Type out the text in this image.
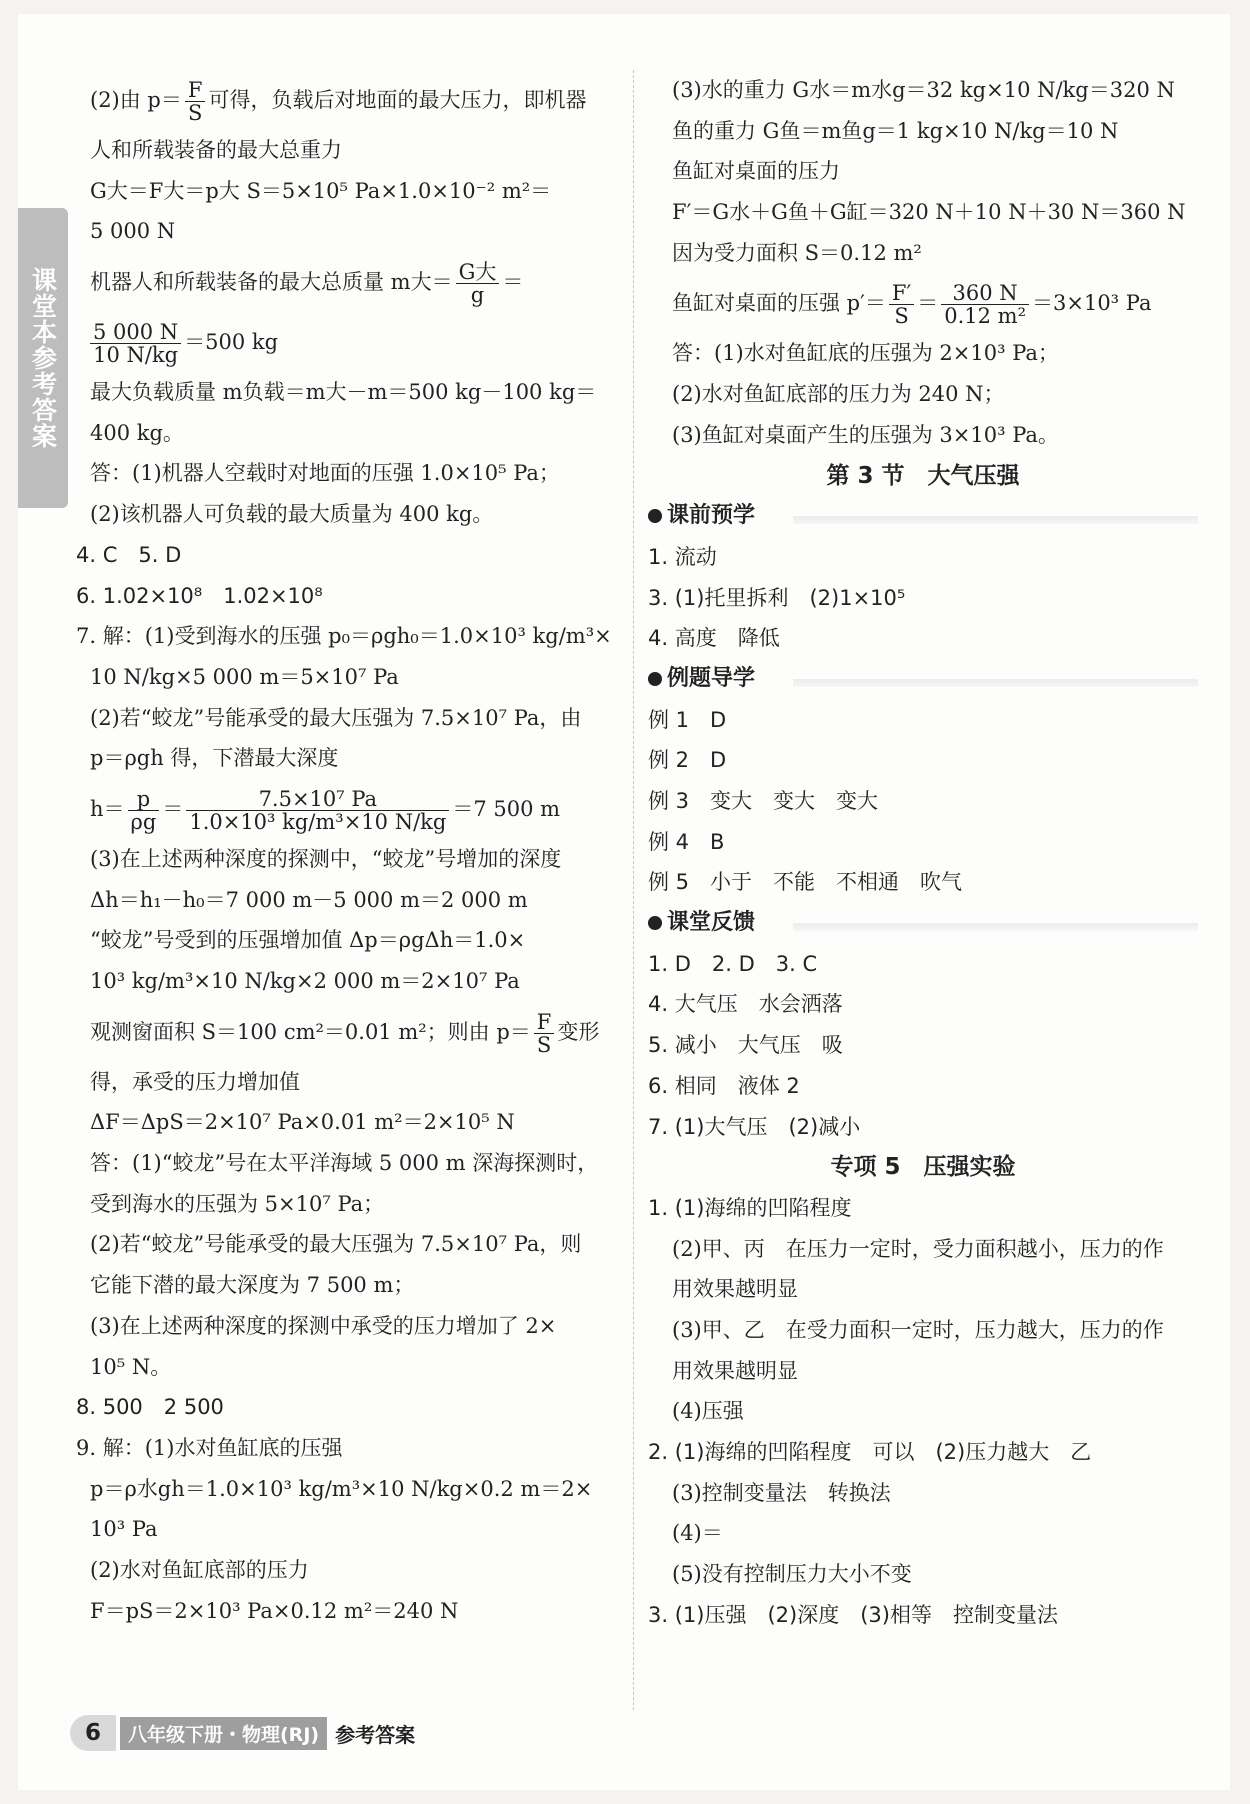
课堂本参考答案
(2)由 $p= \frac{F}{S}$ 可得，负载后对地面的最大压力，即机器
人和所载装备的最大总重力
G大＝F大＝p大 S＝5×10⁵ Pa×1.0×10⁻² m²＝
5 000 N
机器人和所载装备的最大总质量 m大＝ $\frac{\text{G大}}{g}$ ＝
$\frac{5 000 N}{10 N/kg} =500$ kg
最大负载质量 m负载＝m大－m＝500 kg－100 kg＝
400 kg。
答：(1)机器人空载时对地面的压强 1.0×10⁵ Pa；
(2)该机器人可负载的最大质量为 400 kg。
4. C　5. D
6. 1.02×10⁸　1.02×10⁸
7. 解：(1)受到海水的压强 p₀＝ρgh₀＝1.0×10³ kg/m³×
10 N/kg×5 000 m＝5×10⁷ Pa
(2)若“蛟龙”号能承受的最大压强为 7.5×10⁷ Pa，由
p＝ρgh 得，下潜最大深度
$h= \frac{p}{\rho g} = \frac{\text{7.5×10⁷ Pa}}{\text{1.0×10³ kg/m³×10 N/kg}} =7$ 500 m
(3)在上述两种深度的探测中，“蛟龙”号增加的深度
Δh＝h₁－h₀＝7 000 m－5 000 m＝2 000 m
“蛟龙”号受到的压强增加值 Δp＝ρgΔh＝1.0×
10³ kg/m³×10 N/kg×2 000 m＝2×10⁷ Pa
观测窗面积 S＝100 cm²＝0.01 m²；则由 $p= \frac{F}{S}$ 变形
得，承受的压力增加值
ΔF＝ΔpS＝2×10⁷ Pa×0.01 m²＝2×10⁵ N
答：(1)“蛟龙”号在太平洋海域 5 000 m 深海探测时，
受到海水的压强为 5×10⁷ Pa；
(2)若“蛟龙”号能承受的最大压强为 7.5×10⁷ Pa，则
它能下潜的最大深度为 7 500 m；
(3)在上述两种深度的探测中承受的压力增加了 2×
10⁵ N。
8. 500　2 500
9. 解：(1)水对鱼缸底的压强
p＝ρ水gh＝1.0×10³ kg/m³×10 N/kg×0.2 m＝2×
10³ Pa
(2)水对鱼缸底部的压力
F＝pS＝2×10³ Pa×0.12 m²＝240 N
(3)水的重力 G水＝m水g＝32 kg×10 N/kg＝320 N
鱼的重力 G鱼＝m鱼g＝1 kg×10 N/kg＝10 N
鱼缸对桌面的压力
F′＝G水＋G鱼＋G缸＝320 N＋10 N＋30 N＝360 N
因为受力面积 S＝0.12 m²
鱼缸对桌面的压强 $p'= \frac{F'}{S} = \frac{360 N}{\text{0.12 m²}} =3\times 10^3$ Pa
答：(1)水对鱼缸底的压强为 2×10³ Pa；
(2)水对鱼缸底部的压力为 240 N；
(3)鱼缸对桌面产生的压强为 3×10³ Pa。
第 3 节　大气压强
课前预学
1. 流动
3. (1)托里拆利　(2)1×10⁵
4. 高度　降低
例题导学
例 1　D
例 2　D
例 3　变大　变大　变大
例 4　B
例 5　小于　不能　不相通　吹气
课堂反馈
1. D　2. D　3. C
4. 大气压　水会洒落
5. 减小　大气压　吸
6. 相同　液体 2
7. (1)大气压　(2)减小
专项 5　压强实验
1. (1)海绵的凹陷程度
(2)甲、丙　在压力一定时，受力面积越小，压力的作
用效果越明显
(3)甲、乙　在受力面积一定时，压力越大，压力的作
用效果越明显
(4)压强
2. (1)海绵的凹陷程度　可以　(2)压力越大　乙
(3)控制变量法　转换法
(4)＝
(5)没有控制压力大小不变
3. (1)压强　(2)深度　(3)相等　控制变量法
6	八年级下册・物理(RJ) 参考答案
